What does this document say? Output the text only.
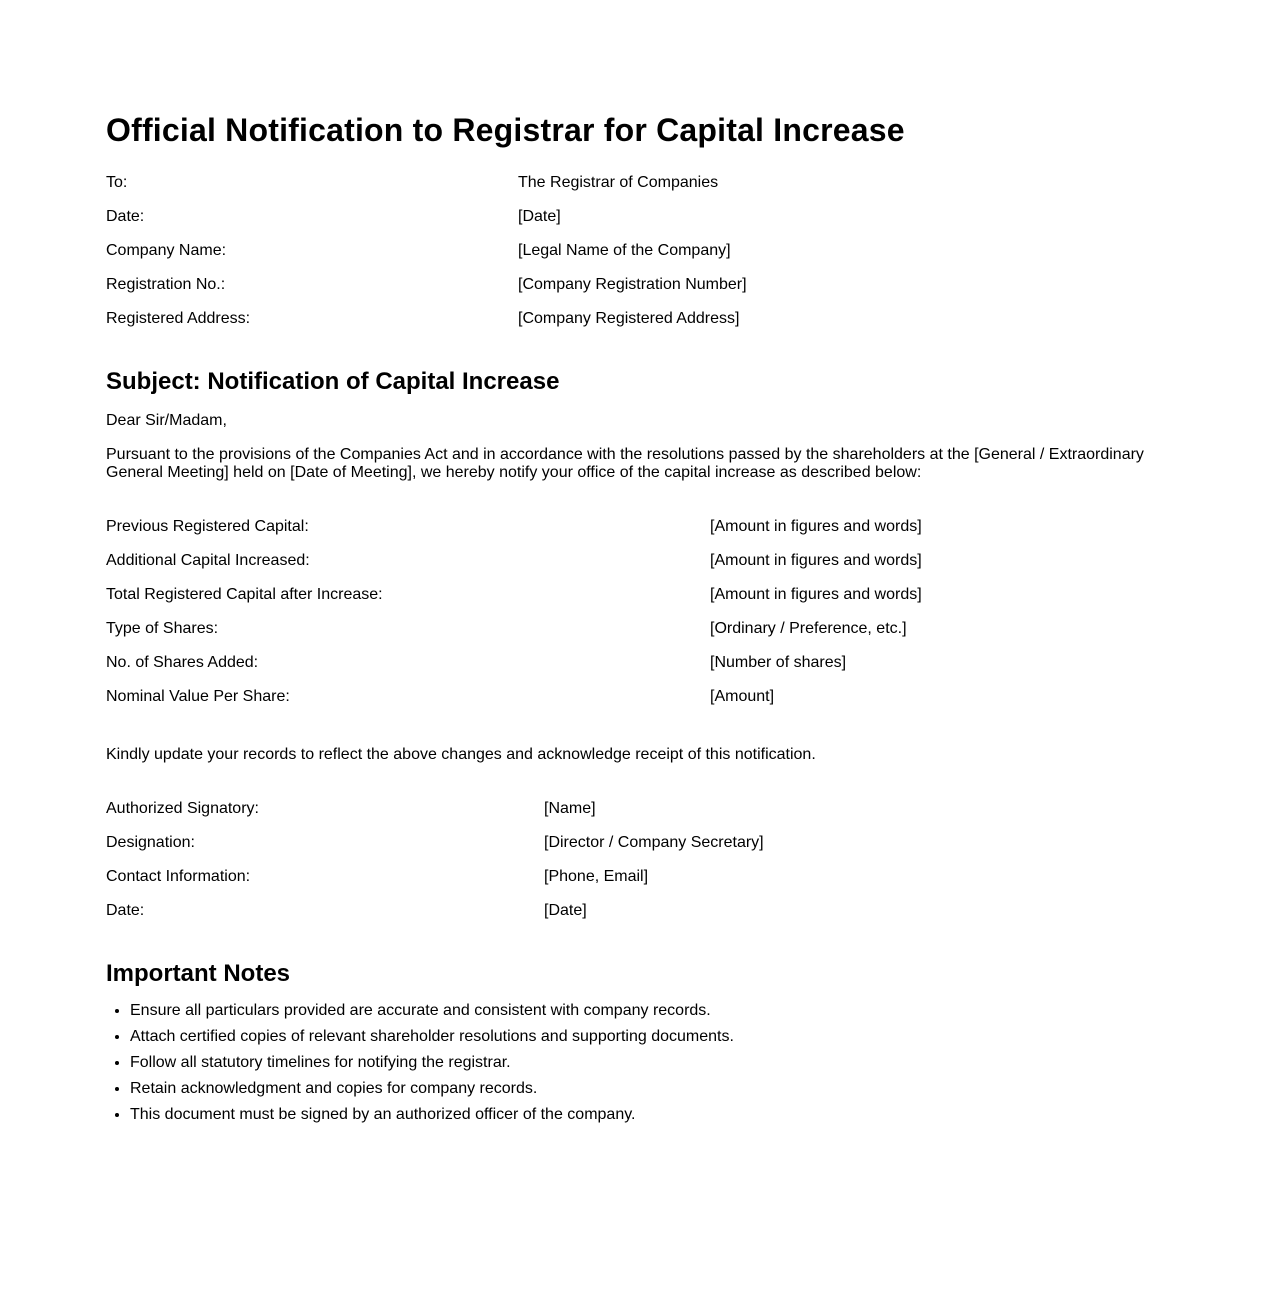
Official Notification to Registrar for Capital Increase
To:	The Registrar of Companies
Date:	[Date]
Company Name:	[Legal Name of the Company]
Registration No.:	[Company Registration Number]
Registered Address:	[Company Registered Address]
Subject: Notification of Capital Increase

Dear Sir/Madam,

Pursuant to the provisions of the Companies Act and in accordance with the resolutions passed by the shareholders at the [General / Extraordinary General Meeting] held on [Date of Meeting], we hereby notify your office of the capital increase as described below:

Previous Registered Capital:	[Amount in figures and words]
Additional Capital Increased:	[Amount in figures and words]
Total Registered Capital after Increase:	[Amount in figures and words]
Type of Shares:	[Ordinary / Preference, etc.]
No. of Shares Added:	[Number of shares]
Nominal Value Per Share:	[Amount]

Kindly update your records to reflect the above changes and acknowledge receipt of this notification.

Authorized Signatory:	[Name]
Designation:	[Director / Company Secretary]
Contact Information:	[Phone, Email]
Date:	[Date]
Important Notes
• Ensure all particulars provided are accurate and consistent with company records.
• Attach certified copies of relevant shareholder resolutions and supporting documents.
• Follow all statutory timelines for notifying the registrar.
• Retain acknowledgment and copies for company records.
• This document must be signed by an authorized officer of the company.
